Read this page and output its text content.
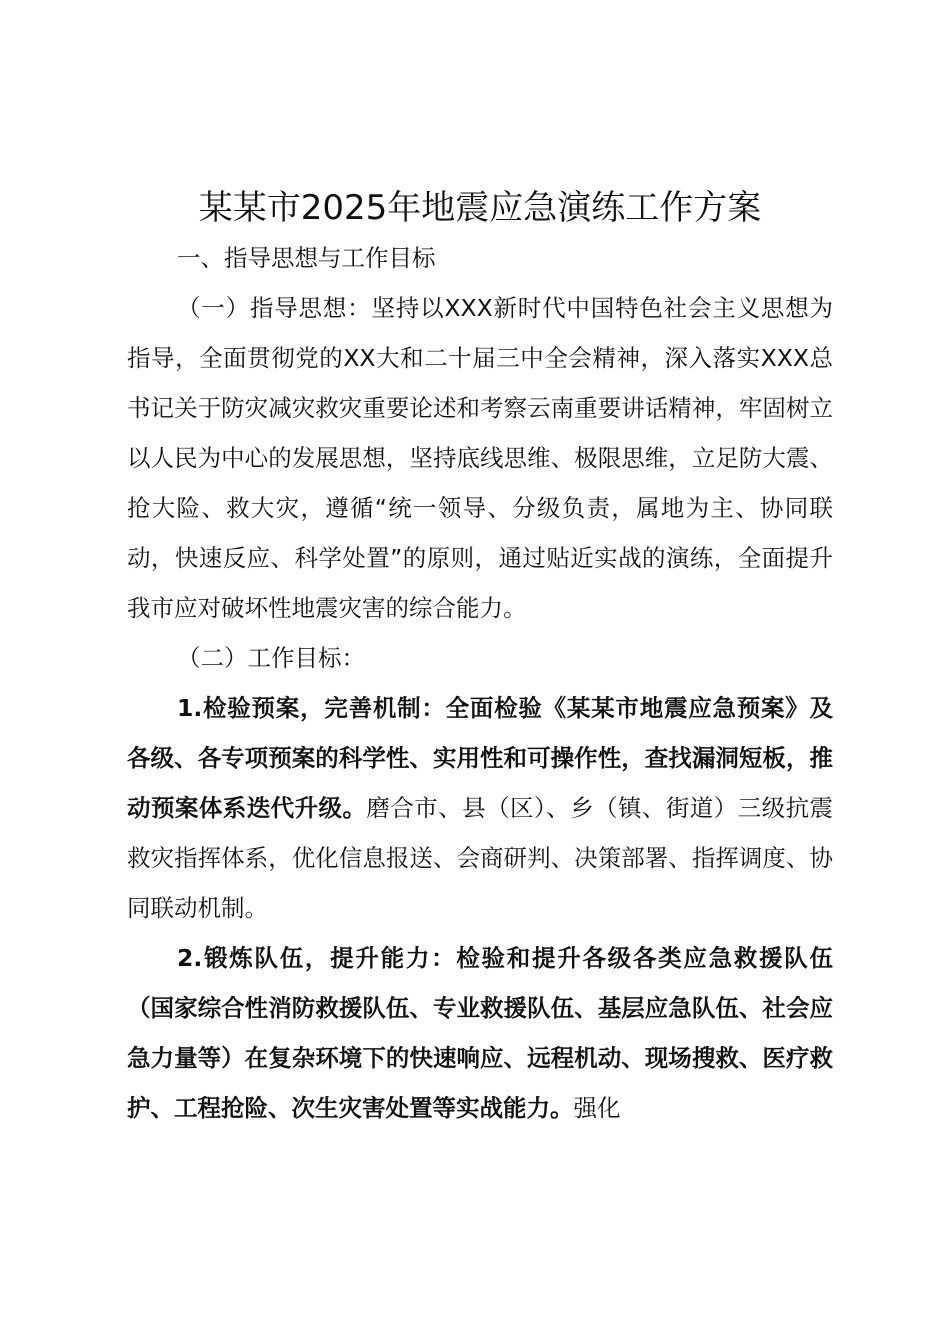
某某市2025年地震应急演练工作方案

一、指导思想与工作目标

（一）指导思想：坚持以XXX新时代中国特色社会主义思想为指导，全面贯彻党的XX大和二十届三中全会精神，深入落实XXX总书记关于防灾减灾救灾重要论述和考察云南重要讲话精神，牢固树立以人民为中心的发展思想，坚持底线思维、极限思维，立足防大震、抢大险、救大灾，遵循“统一领导、分级负责，属地为主、协同联动，快速反应、科学处置”的原则，通过贴近实战的演练，全面提升我市应对破坏性地震灾害的综合能力。

（二）工作目标：

1.检验预案，完善机制：全面检验《某某市地震应急预案》及各级、各专项预案的科学性、实用性和可操作性，查找漏洞短板，推动预案体系迭代升级。磨合市、县（区）、乡（镇、街道）三级抗震救灾指挥体系，优化信息报送、会商研判、决策部署、指挥调度、协同联动机制。

2.锻炼队伍，提升能力：检验和提升各级各类应急救援队伍（国家综合性消防救援队伍、专业救援队伍、基层应急队伍、社会应急力量等）在复杂环境下的快速响应、远程机动、现场搜救、医疗救护、工程抢险、次生灾害处置等实战能力。强化
